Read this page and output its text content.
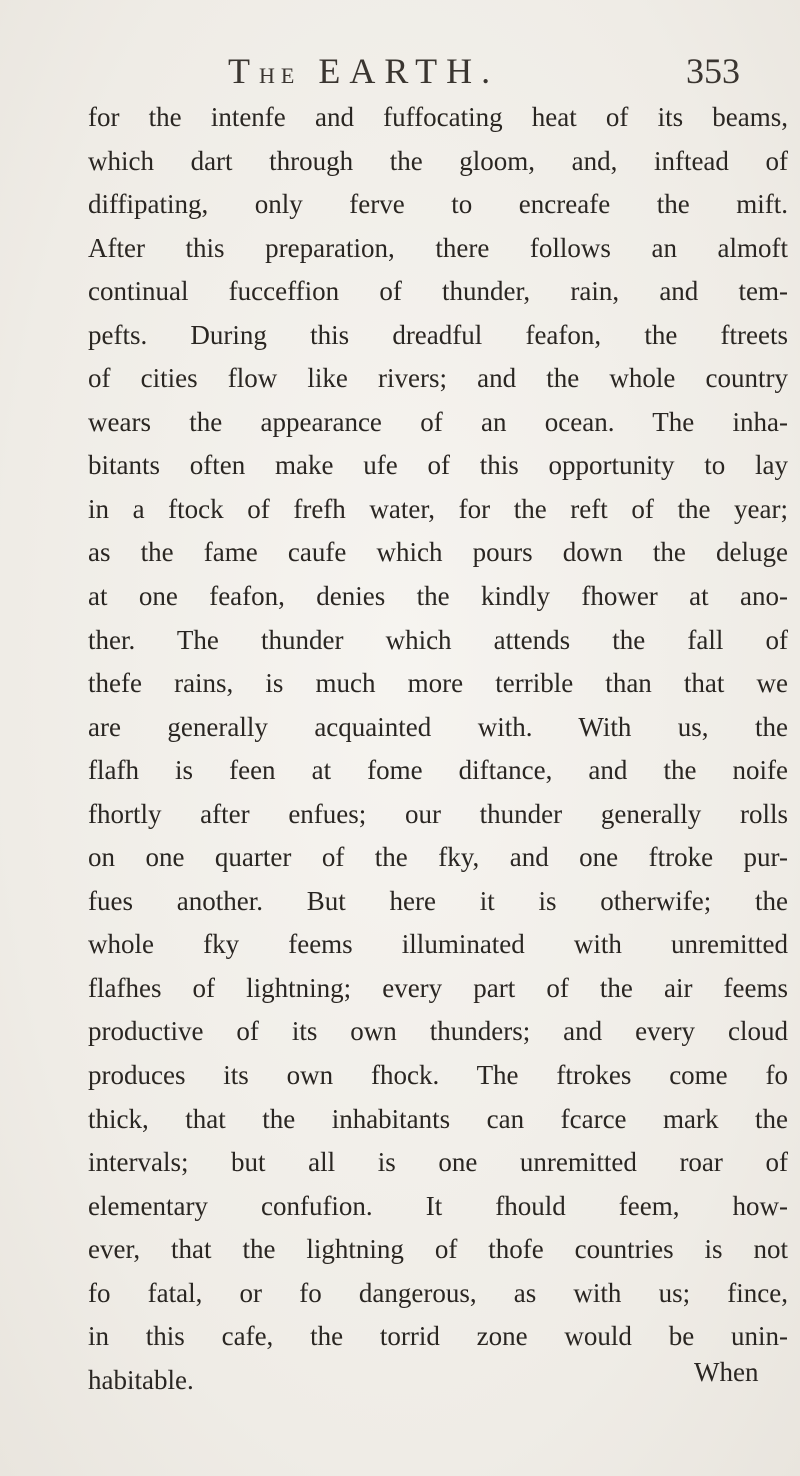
THE EARTH.	353
for the intenfe and fuffocating heat of its beams,
which dart through the gloom, and, inftead of
diffipating, only ferve to encreafe the mift.
After this preparation, there follows an almoft
continual fucceffion of thunder, rain, and tem-
pefts. During this dreadful feafon, the ftreets
of cities flow like rivers; and the whole country
wears the appearance of an ocean. The inha-
bitants often make ufe of this opportunity to lay
in a ftock of frefh water, for the reft of the year;
as the fame caufe which pours down the deluge
at one feafon, denies the kindly fhower at ano-
ther. The thunder which attends the fall of
thefe rains, is much more terrible than that we
are generally acquainted with. With us, the
flafh is feen at fome diftance, and the noife
fhortly after enfues; our thunder generally rolls
on one quarter of the fky, and one ftroke pur-
fues another. But here it is otherwife; the
whole fky feems illuminated with unremitted
flafhes of lightning; every part of the air feems
productive of its own thunders; and every cloud
produces its own fhock. The ftrokes come fo
thick, that the inhabitants can fcarce mark the
intervals; but all is one unremitted roar of
elementary confufion. It fhould feem, how-
ever, that the lightning of thofe countries is not
fo fatal, or fo dangerous, as with us; fince,
in this cafe, the torrid zone would be unin-
habitable.	When
